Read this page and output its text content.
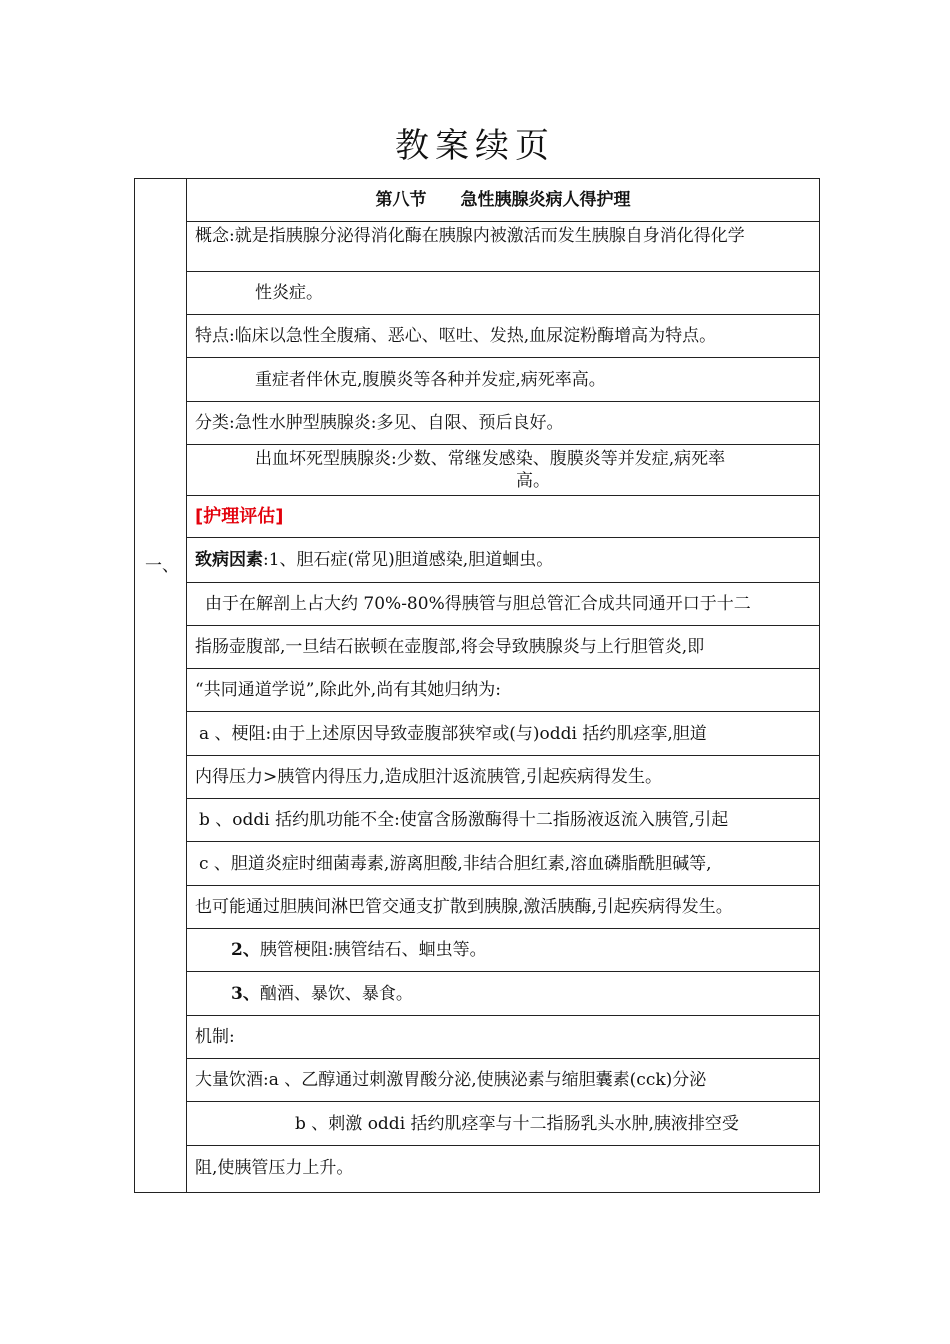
教案续页
一、
第八节　　急性胰腺炎病人得护理
概念:就是指胰腺分泌得消化酶在胰腺内被激活而发生胰腺自身消化得化学
性炎症。
特点:临床以急性全腹痛、恶心、呕吐、发热,血尿淀粉酶增高为特点。
重症者伴休克,腹膜炎等各种并发症,病死率高。
分类:急性水肿型胰腺炎:多见、自限、预后良好。
出血坏死型胰腺炎:少数、常继发感染、腹膜炎等并发症,病死率
高。
[护理评估]
致病因素 :1、胆石症(常见)胆道感染,胆道蛔虫。
由于在解剖上占大约 70%-80%得胰管与胆总管汇合成共同通开口于十二
指肠壶腹部,一旦结石嵌顿在壶腹部,将会导致胰腺炎与上行胆管炎,即
“共同通道学说”,除此外,尚有其她归纳为:
a 、梗阻:由于上述原因导致壶腹部狭窄或(与)oddi 括约肌痉挛,胆道
内得压力>胰管内得压力,造成胆汁返流胰管,引起疾病得发生。
b 、oddi 括约肌功能不全:使富含肠激酶得十二指肠液返流入胰管,引起
c 、胆道炎症时细菌毒素,游离胆酸,非结合胆红素,溶血磷脂酰胆碱等,
也可能通过胆胰间淋巴管交通支扩散到胰腺,激活胰酶,引起疾病得发生。
2、 胰管梗阻:胰管结石、蛔虫等。
3、 酗酒、暴饮、暴食。
机制:
大量饮酒:a 、乙醇通过刺激胃酸分泌,使胰泌素与缩胆囊素(cck)分泌
b 、刺激 oddi 括约肌痉挛与十二指肠乳头水肿,胰液排空受
阻,使胰管压力上升。
